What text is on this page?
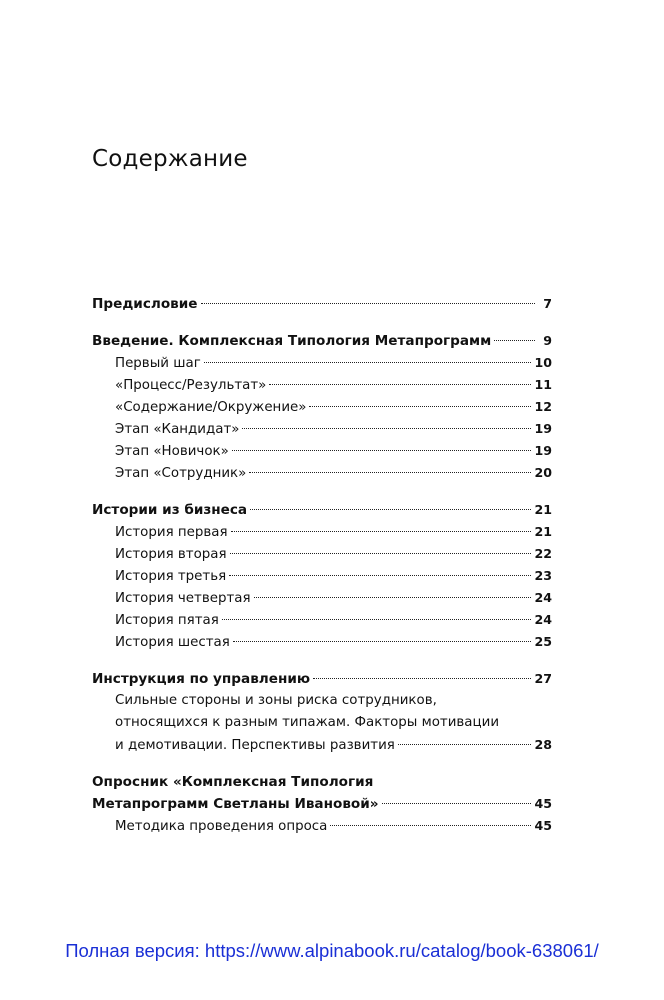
Содержание
Предисловие	7
Введение. Комплексная Типология Метапрограмм	9
Первый шаг	10
«Процесс/Результат»	11
«Содержание/Окружение»	12
Этап «Кандидат»	19
Этап «Новичок»	19
Этап «Сотрудник»	20
Истории из бизнеса	21
История первая	21
История вторая	22
История третья	23
История четвертая	24
История пятая	24
История шестая	25
Инструкция по управлению	27
Сильные стороны и зоны риска сотрудников,
относящихся к разным типажам. Факторы мотивации
и демотивации. Перспективы развития	28
Опросник «Комплексная Типология
Метапрограмм Светланы Ивановой»	45
Методика проведения опроса	45
Полная версия: https://www.alpinabook.ru/catalog/book-638061/
